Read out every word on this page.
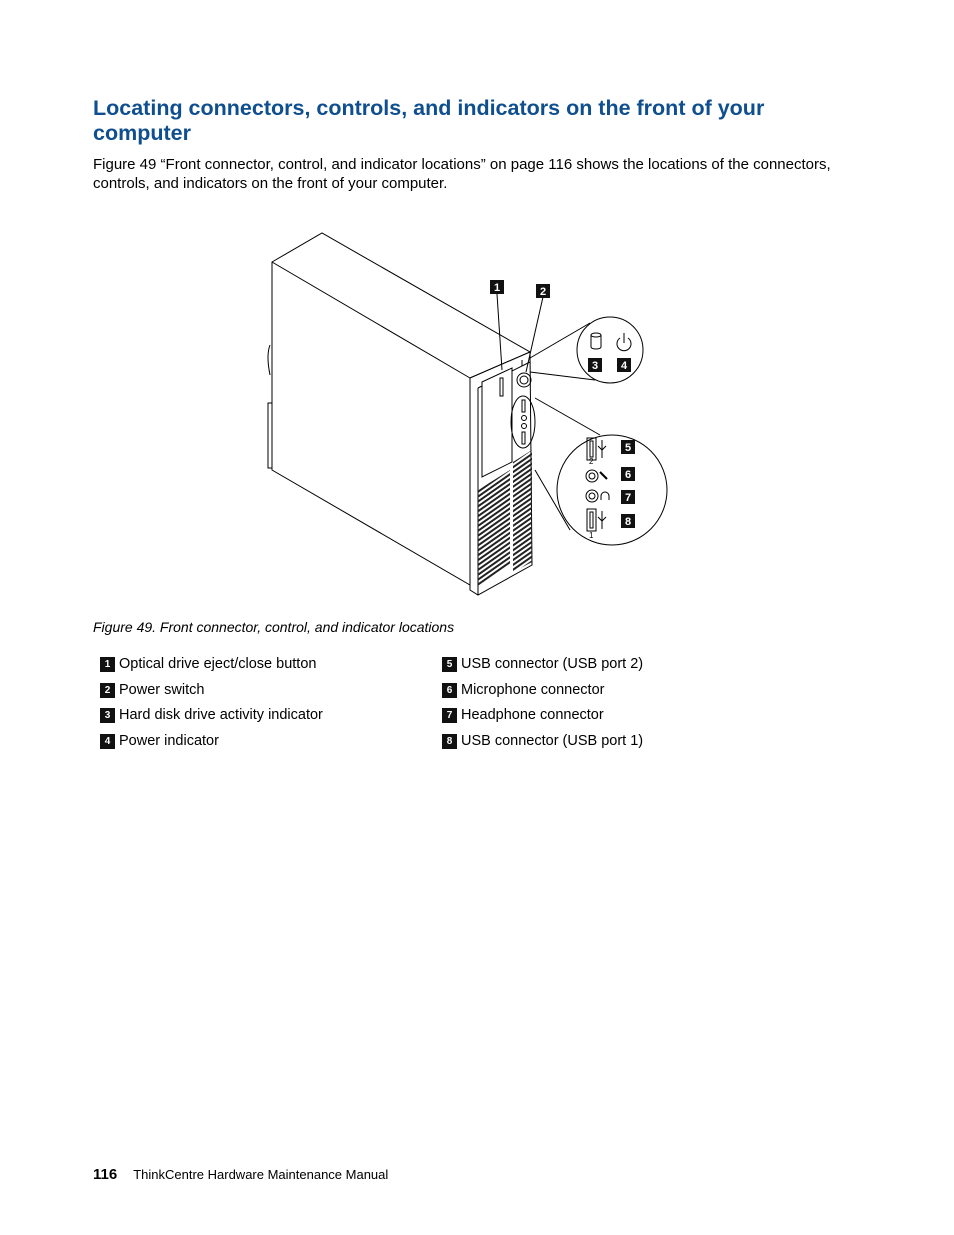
Locating connectors, controls, and indicators on the front of your computer

Figure 49 “Front connector, control, and indicator locations” on page 116 shows the locations of the connectors, controls, and indicators on the front of your computer.

2
1
1	2
3 4
5
6
7
8

Figure 49. Front connector, control, and indicator locations

1 Optical drive eject/close button
2 Power switch
3 Hard disk drive activity indicator
4 Power indicator
5 USB connector (USB port 2)
6 Microphone connector
7 Headphone connector
8 USB connector (USB port 1)
116 ThinkCentre Hardware Maintenance Manual
